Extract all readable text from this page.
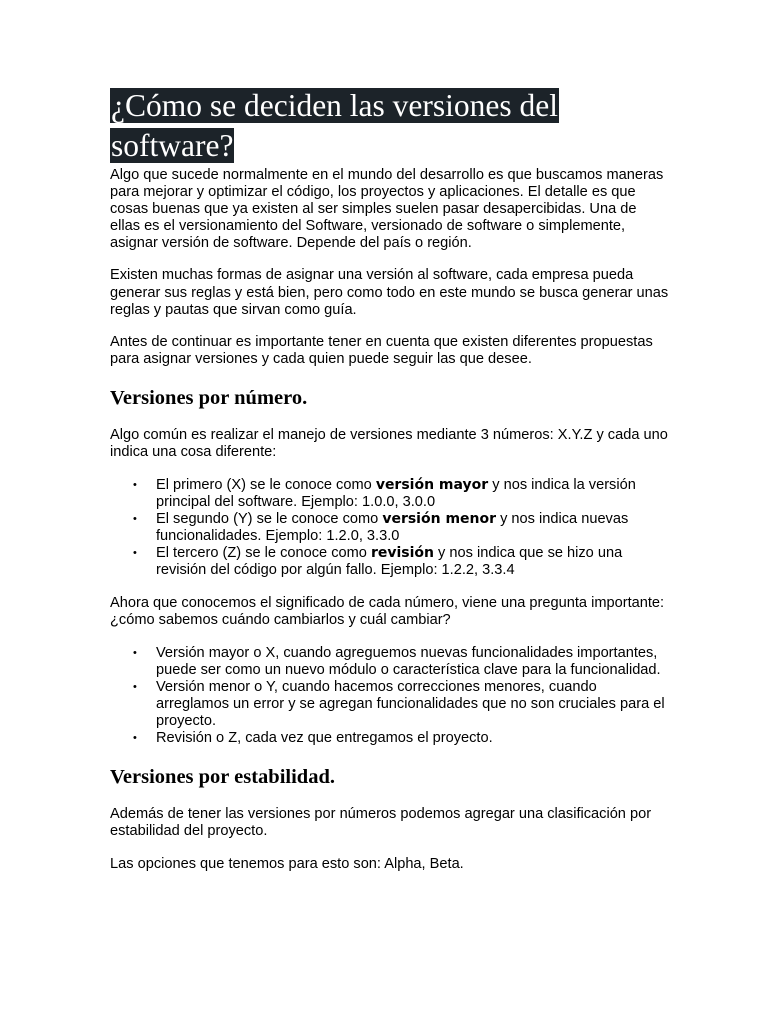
¿Cómo se deciden las versiones del software?

Algo que sucede normalmente en el mundo del desarrollo es que buscamos maneras para mejorar y optimizar el código, los proyectos y aplicaciones. El detalle es que cosas buenas que ya existen al ser simples suelen pasar desapercibidas. Una de ellas es el versionamiento del Software, versionado de software o simplemente, asignar versión de software. Depende del país o región.

Existen muchas formas de asignar una versión al software, cada empresa pueda generar sus reglas y está bien, pero como todo en este mundo se busca generar unas reglas y pautas que sirvan como guía.

Antes de continuar es importante tener en cuenta que existen diferentes propuestas para asignar versiones y cada quien puede seguir las que desee.

Versiones por número.

Algo común es realizar el manejo de versiones mediante 3 números: X.Y.Z y cada uno indica una cosa diferente:

• El primero (X) se le conoce como versión mayor y nos indica la versión principal del software. Ejemplo: 1.0.0, 3.0.0
• El segundo (Y) se le conoce como versión menor y nos indica nuevas funcionalidades. Ejemplo: 1.2.0, 3.3.0
• El tercero (Z) se le conoce como revisión y nos indica que se hizo una revisión del código por algún fallo. Ejemplo: 1.2.2, 3.3.4

Ahora que conocemos el significado de cada número, viene una pregunta importante: ¿cómo sabemos cuándo cambiarlos y cuál cambiar?

• Versión mayor o X, cuando agreguemos nuevas funcionalidades importantes, puede ser como un nuevo módulo o característica clave para la funcionalidad.
• Versión menor o Y, cuando hacemos correcciones menores, cuando arreglamos un error y se agregan funcionalidades que no son cruciales para el proyecto.
• Revisión o Z, cada vez que entregamos el proyecto.
Versiones por estabilidad.

Además de tener las versiones por números podemos agregar una clasificación por estabilidad del proyecto.

Las opciones que tenemos para esto son: Alpha, Beta.
